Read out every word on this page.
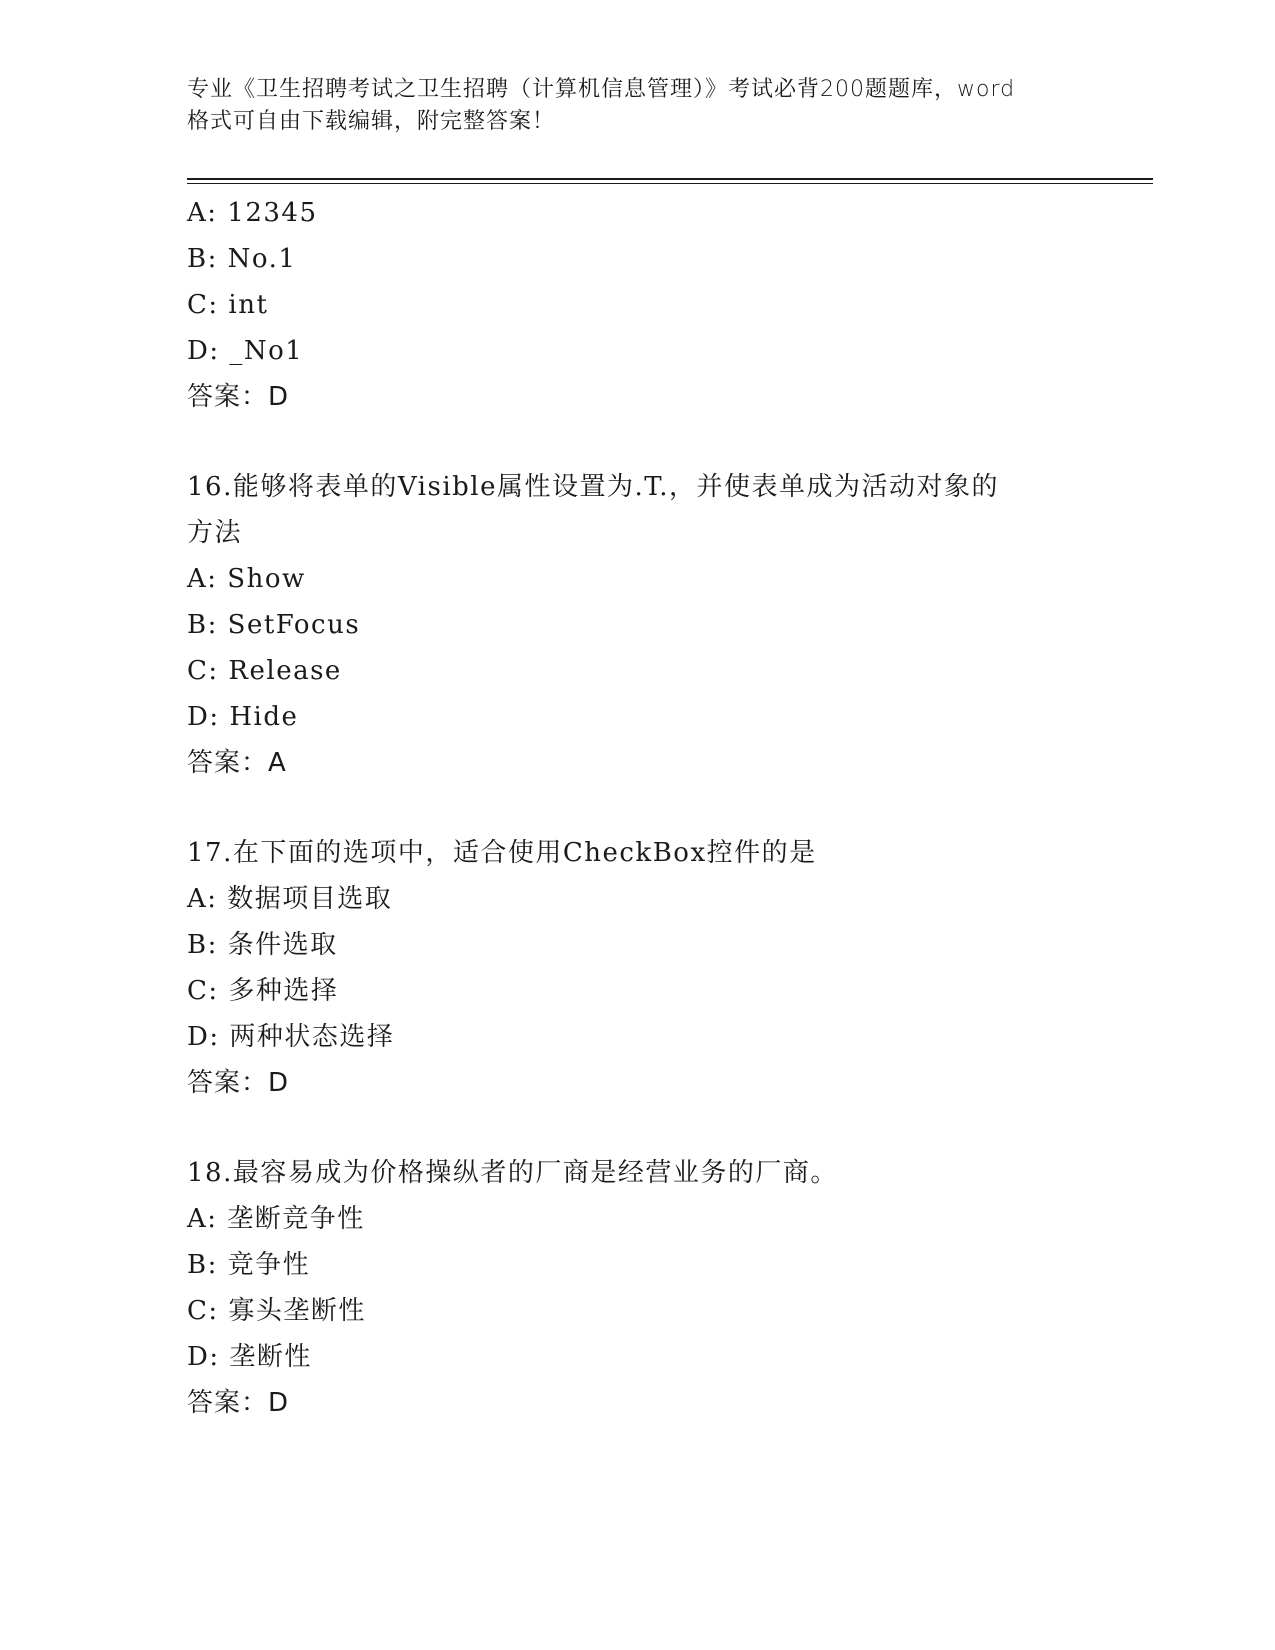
专业《卫生招聘考试之卫生招聘（计算机信息管理）》考试必背200题题库，word
格式可自由下载编辑，附完整答案！
A: 12345
B: No.1
C: int
D: _No1
答案：D
16.能够将表单的Visible属性设置为.T.，并使表单成为活动对象的
方法
A: Show
B: SetFocus
C: Release
D: Hide
答案：A
17.在下面的选项中，适合使用CheckBox控件的是
A: 数据项目选取
B: 条件选取
C: 多种选择
D: 两种状态选择
答案：D
18.最容易成为价格操纵者的厂商是经营业务的厂商。
A: 垄断竞争性
B: 竞争性
C: 寡头垄断性
D: 垄断性
答案：D
